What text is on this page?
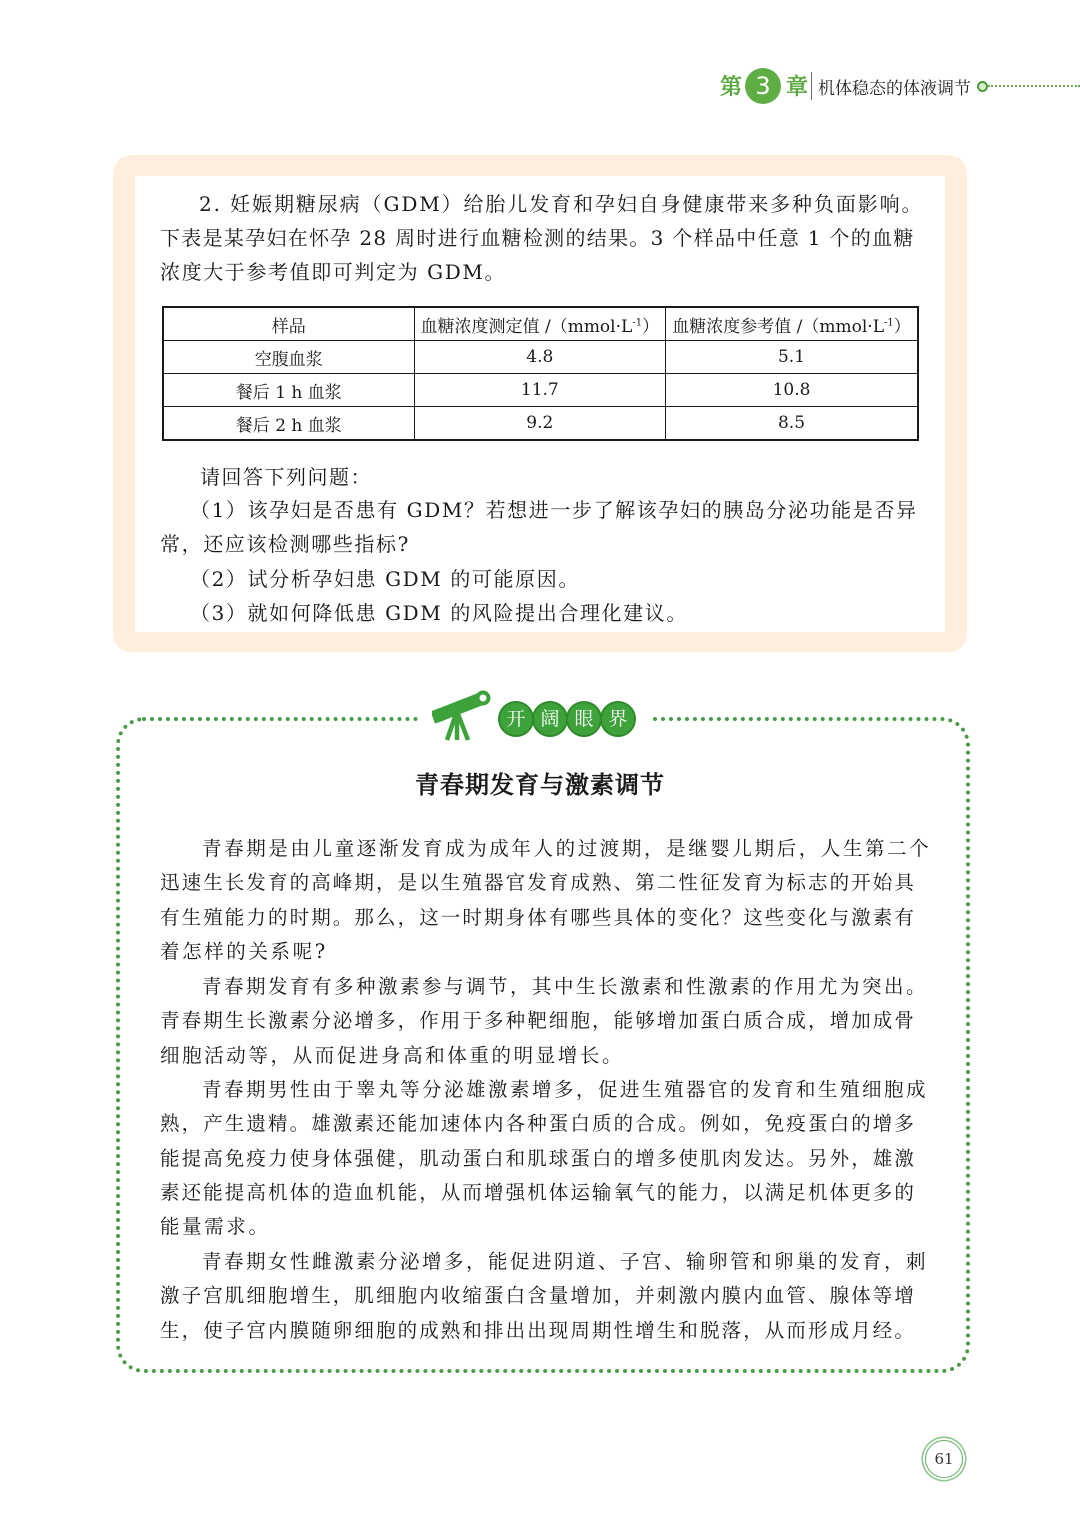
第 3 章 机体稳态的体液调节
2. 妊娠期糖尿病（GDM）给胎儿发育和孕妇自身健康带来多种负面影响。
下表是某孕妇在怀孕 28 周时进行血糖检测的结果。3 个样品中任意 1 个的血糖
浓度大于参考值即可判定为 GDM。
样品	血糖浓度测定值 $/(mmol\cdot L^{-1})$	血糖浓度参考值 $/(mmol\cdot L^{-1})$
空腹血浆	4.8	5.1
餐后 1 h 血浆	11.7	10.8
餐后 2 h 血浆	9.2	8.5
请回答下列问题：
（1）该孕妇是否患有 GDM？若想进一步了解该孕妇的胰岛分泌功能是否异
常，还应该检测哪些指标?
（2）试分析孕妇患 GDM 的可能原因。
（3）就如何降低患 GDM 的风险提出合理化建议。
开 阔 眼 界
青春期发育与激素调节
青春期是由儿童逐渐发育成为成年人的过渡期，是继婴儿期后，人生第二个
迅速生长发育的高峰期，是以生殖器官发育成熟、第二性征发育为标志的开始具
有生殖能力的时期。那么，这一时期身体有哪些具体的变化？这些变化与激素有
着怎样的关系呢?
青春期发育有多种激素参与调节，其中生长激素和性激素的作用尤为突出。
青春期生长激素分泌增多，作用于多种靶细胞，能够增加蛋白质合成，增加成骨
细胞活动等，从而促进身高和体重的明显增长。
青春期男性由于睾丸等分泌雄激素增多，促进生殖器官的发育和生殖细胞成
熟，产生遗精。雄激素还能加速体内各种蛋白质的合成。例如，免疫蛋白的增多
能提高免疫力使身体强健，肌动蛋白和肌球蛋白的增多使肌肉发达。另外，雄激
素还能提高机体的造血机能，从而增强机体运输氧气的能力，以满足机体更多的
能量需求。
青春期女性雌激素分泌增多，能促进阴道、子宫、输卵管和卵巢的发育，刺
激子宫肌细胞增生，肌细胞内收缩蛋白含量增加，并刺激内膜内血管、腺体等增
生，使子宫内膜随卵细胞的成熟和排出出现周期性增生和脱落，从而形成月经。
61
